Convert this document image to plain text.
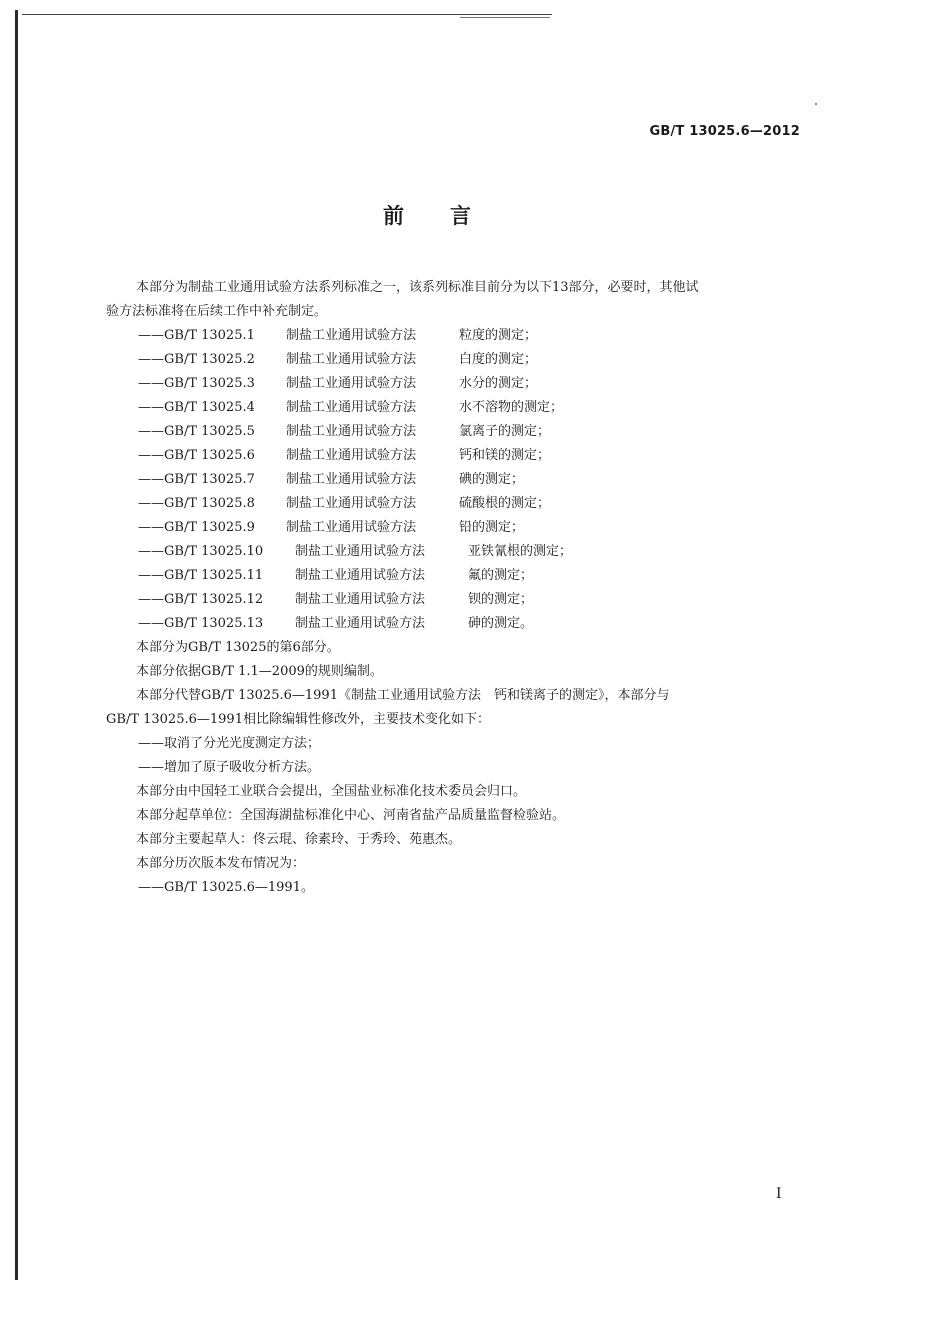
GB/T 13025.6—2012
前言
本部分为制盐工业通用试验方法系列标准之一，该系列标准目前分为以下13部分，必要时，其他试
验方法标准将在后续工作中补充制定。
——GB/T 13025.1	制盐工业通用试验方法	粒度的测定；
——GB/T 13025.2	制盐工业通用试验方法	白度的测定；
——GB/T 13025.3	制盐工业通用试验方法	水分的测定；
——GB/T 13025.4	制盐工业通用试验方法	水不溶物的测定；
——GB/T 13025.5	制盐工业通用试验方法	氯离子的测定；
——GB/T 13025.6	制盐工业通用试验方法	钙和镁的测定；
——GB/T 13025.7	制盐工业通用试验方法	碘的测定；
——GB/T 13025.8	制盐工业通用试验方法	硫酸根的测定；
——GB/T 13025.9	制盐工业通用试验方法	铅的测定；
——GB/T 13025.10	制盐工业通用试验方法	亚铁氰根的测定；
——GB/T 13025.11	制盐工业通用试验方法	氟的测定；
——GB/T 13025.12	制盐工业通用试验方法	钡的测定；
——GB/T 13025.13	制盐工业通用试验方法	砷的测定。
本部分为GB/T 13025的第6部分。
本部分依据GB/T 1.1—2009的规则编制。
本部分代替GB/T 13025.6—1991《制盐工业通用试验方法　钙和镁离子的测定》，本部分与
GB/T 13025.6—1991相比除编辑性修改外，主要技术变化如下：
——取消了分光光度测定方法；
——增加了原子吸收分析方法。
本部分由中国轻工业联合会提出，全国盐业标准化技术委员会归口。
本部分起草单位：全国海湖盐标准化中心、河南省盐产品质量监督检验站。
本部分主要起草人：佟云琨、徐素玲、于秀玲、苑惠杰。
本部分历次版本发布情况为：
——GB/T 13025.6—1991。
I
